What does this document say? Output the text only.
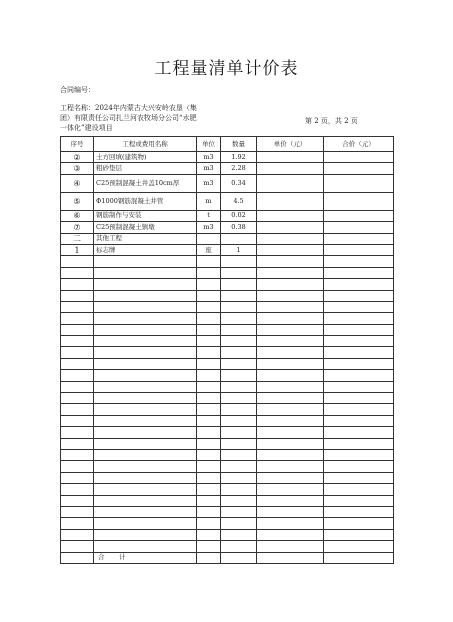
工程量清单计价表
合同编号：
工程名称：2024年内蒙古大兴安岭农垦（集团）有限责任公司扎兰河农牧场分公司“水肥一体化”建设项目
第 2 页，共 2 页
序号	工程或费用名称	单位	数量	单价（元）	合价（元）
②	土方回填(建筑物)	m3	1.92		
③	粗砂垫层	m3	2.28		
④	C25预制混凝土井盖10cm厚	m3	0.34		
⑤	Φ1000钢筋混凝土井管	m	4.5		
⑥	钢筋制作与安装	t	0.02		
⑦	C25预制混凝土镇墩	m3	0.38		
二	其他工程				
1	标志牌	座	1		

	合　计				
